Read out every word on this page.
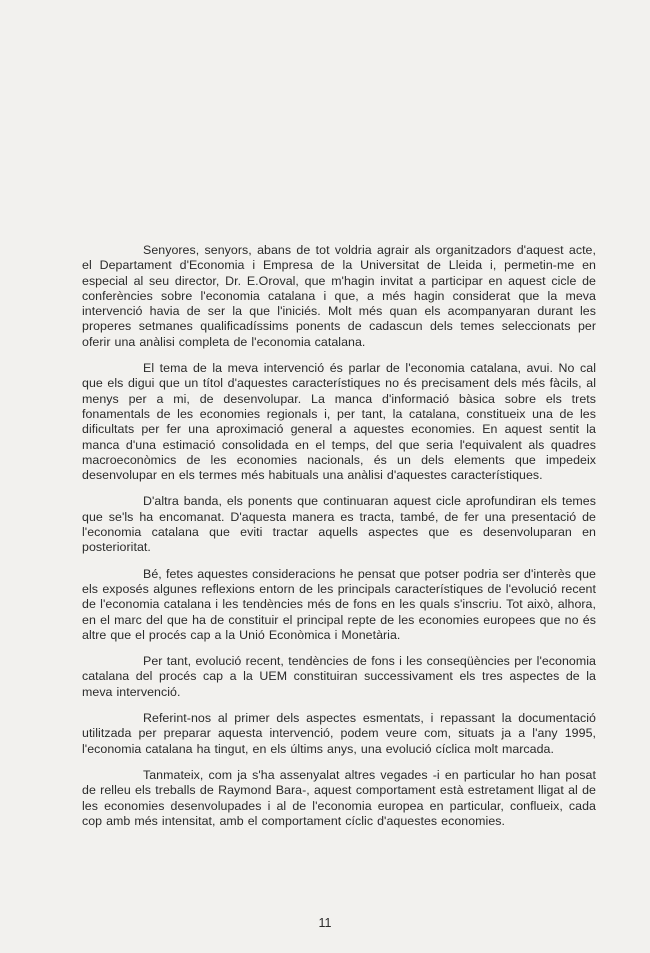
Senyores, senyors, abans de tot voldria agrair als organitzadors d'aquest acte, el Departament d'Economia i Empresa de la Universitat de Lleida i, permetin-me en especial al seu director, Dr. E.Oroval, que m'hagin invitat a participar en aquest cicle de conferències sobre l'economia catalana i que, a més hagin considerat que la meva intervenció havia de ser la que l'iniciés. Molt més quan els acompanyaran durant les properes setmanes qualificadíssims ponents de cadascun dels temes seleccionats per oferir una anàlisi completa de l'economia catalana.

El tema de la meva intervenció és parlar de l'economia catalana, avui. No cal que els digui que un títol d'aquestes característiques no és precisament dels més fàcils, al menys per a mi, de desenvolupar. La manca d'informació bàsica sobre els trets fonamentals de les economies regionals i, per tant, la catalana, constitueix una de les dificultats per fer una aproximació general a aquestes economies. En aquest sentit la manca d'una estimació consolidada en el temps, del que seria l'equivalent als quadres macroeconòmics de les economies nacionals, és un dels elements que impedeix desenvolupar en els termes més habituals una anàlisi d'aquestes característiques.

D'altra banda, els ponents que continuaran aquest cicle aprofundiran els temes que se'ls ha encomanat. D'aquesta manera es tracta, també, de fer una presentació de l'economia catalana que eviti tractar aquells aspectes que es desenvoluparan en posterioritat.

Bé, fetes aquestes consideracions he pensat que potser podria ser d'interès que els exposés algunes reflexions entorn de les principals característiques de l'evolució recent de l'economia catalana i les tendències més de fons en les quals s'inscriu. Tot això, alhora, en el marc del que ha de constituir el principal repte de les economies europees que no és altre que el procés cap a la Unió Econòmica i Monetària.

Per tant, evolució recent, tendències de fons i les conseqüències per l'economia catalana del procés cap a la UEM constituiran successivament els tres aspectes de la meva intervenció.

Referint-nos al primer dels aspectes esmentats, i repassant la documentació utilitzada per preparar aquesta intervenció, podem veure com, situats ja a l'any 1995, l'economia catalana ha tingut, en els últims anys, una evolució cíclica molt marcada.

Tanmateix, com ja s'ha assenyalat altres vegades -i en particular ho han posat de relleu els treballs de Raymond Bara-, aquest comportament està estretament lligat al de les economies desenvolupades i al de l'economia europea en particular, conflueix, cada cop amb més intensitat, amb el comportament cíclic d'aquestes economies.

11
